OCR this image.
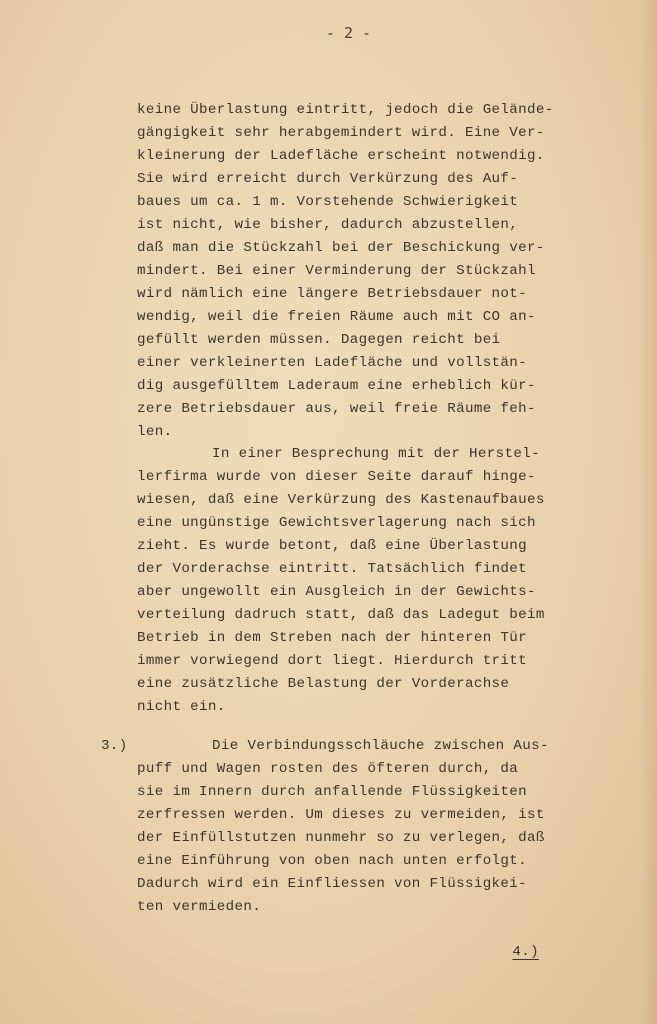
- 2 -
keine Überlastung eintritt, jedoch die Gelände-
gängigkeit sehr herabgemindert wird. Eine Ver-
kleinerung der Ladefläche erscheint notwendig.
Sie wird erreicht durch Verkürzung des Auf-
baues um ca. 1 m. Vorstehende Schwierigkeit
ist nicht, wie bisher, dadurch abzustellen,
daß man die Stückzahl bei der Beschickung ver-
mindert. Bei einer Verminderung der Stückzahl
wird nämlich eine längere Betriebsdauer not-
wendig, weil die freien Räume auch mit CO an-
gefüllt werden müssen. Dagegen reicht bei
einer verkleinerten Ladefläche und vollstän-
dig ausgefülltem Laderaum eine erheblich kür-
zere Betriebsdauer aus, weil freie Räume feh-
len.
In einer Besprechung mit der Herstel-
lerfirma wurde von dieser Seite darauf hinge-
wiesen, daß eine Verkürzung des Kastenaufbaues
eine ungünstige Gewichtsverlagerung nach sich
zieht. Es wurde betont, daß eine Überlastung
der Vorderachse eintritt. Tatsächlich findet
aber ungewollt ein Ausgleich in der Gewichts-
verteilung dadruch statt, daß das Ladegut beim
Betrieb in dem Streben nach der hinteren Tür
immer vorwiegend dort liegt. Hierdurch tritt
eine zusätzliche Belastung der Vorderachse
nicht ein.
3.)	Die Verbindungsschläuche zwischen Aus-
puff und Wagen rosten des öfteren durch, da
sie im Innern durch anfallende Flüssigkeiten
zerfressen werden. Um dieses zu vermeiden, ist
der Einfüllstutzen nunmehr so zu verlegen, daß
eine Einführung von oben nach unten erfolgt.
Dadurch wird ein Einfliessen von Flüssigkei-
ten vermieden.
4.)
